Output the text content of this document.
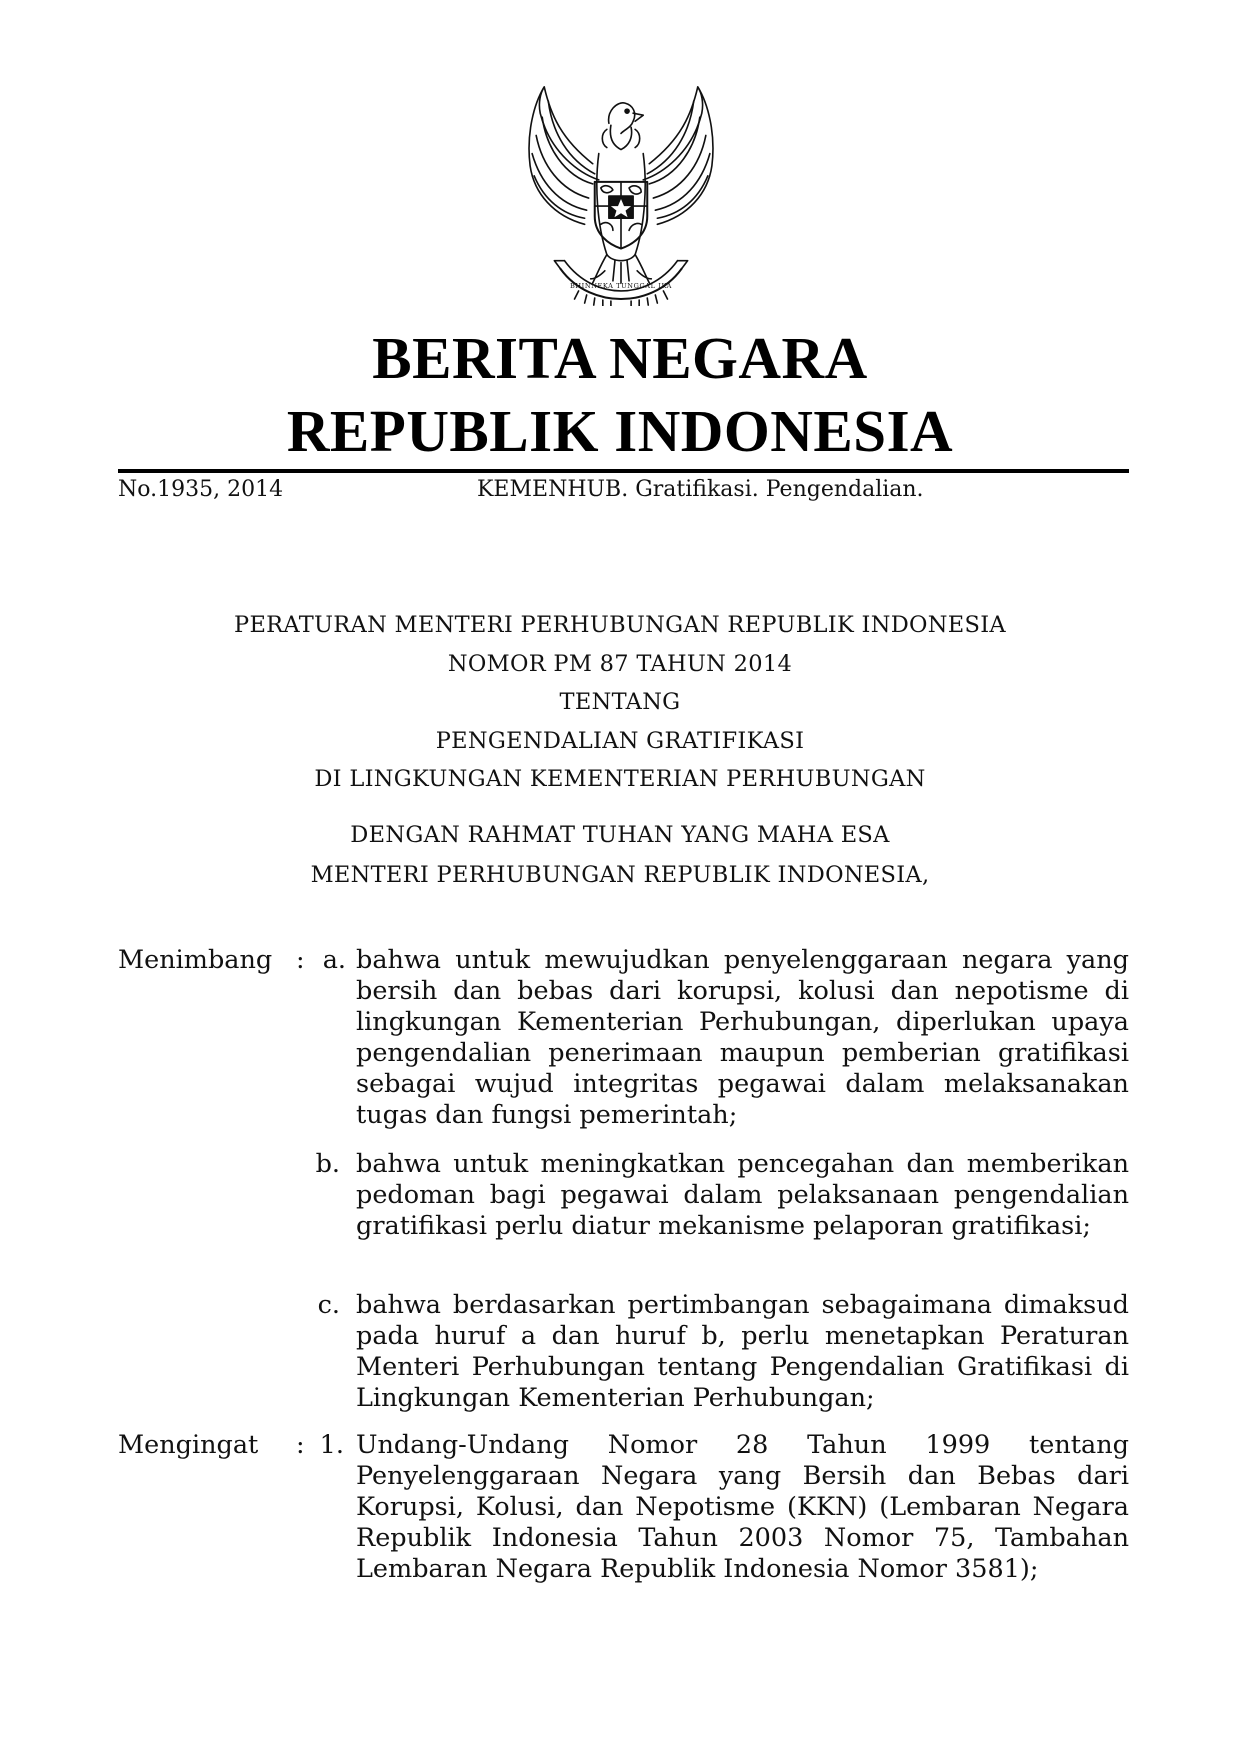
BHINNEKA TUNGGAL IKA
BERITA NEGARA
REPUBLIK INDONESIA
No.1935, 2014	KEMENHUB. Gratifikasi. Pengendalian.
PERATURAN MENTERI PERHUBUNGAN REPUBLIK INDONESIA
NOMOR PM 87 TAHUN 2014
TENTANG
PENGENDALIAN GRATIFIKASI
DI LINGKUNGAN KEMENTERIAN PERHUBUNGAN
DENGAN RAHMAT TUHAN YANG MAHA ESA
MENTERI PERHUBUNGAN REPUBLIK INDONESIA,
Menimbang : a. bahwa untuk mewujudkan penyelenggaraan negara yang bersih dan bebas dari korupsi, kolusi dan nepotisme di lingkungan Kementerian Perhubungan, diperlukan upaya pengendalian penerimaan maupun pemberian gratifikasi sebagai wujud integritas pegawai dalam melaksanakan tugas dan fungsi pemerintah;
b. bahwa untuk meningkatkan pencegahan dan memberikan pedoman bagi pegawai dalam pelaksanaan pengendalian gratifikasi perlu diatur mekanisme pelaporan gratifikasi;
c. bahwa berdasarkan pertimbangan sebagaimana dimaksud pada huruf a dan huruf b, perlu menetapkan Peraturan Menteri Perhubungan tentang Pengendalian Gratifikasi di Lingkungan Kementerian Perhubungan;
Mengingat : 1. Undang-Undang Nomor 28 Tahun 1999 tentang Penyelenggaraan Negara yang Bersih dan Bebas dari Korupsi, Kolusi, dan Nepotisme (KKN) (Lembaran Negara Republik Indonesia Tahun 2003 Nomor 75, Tambahan Lembaran Negara Republik Indonesia Nomor 3581);
